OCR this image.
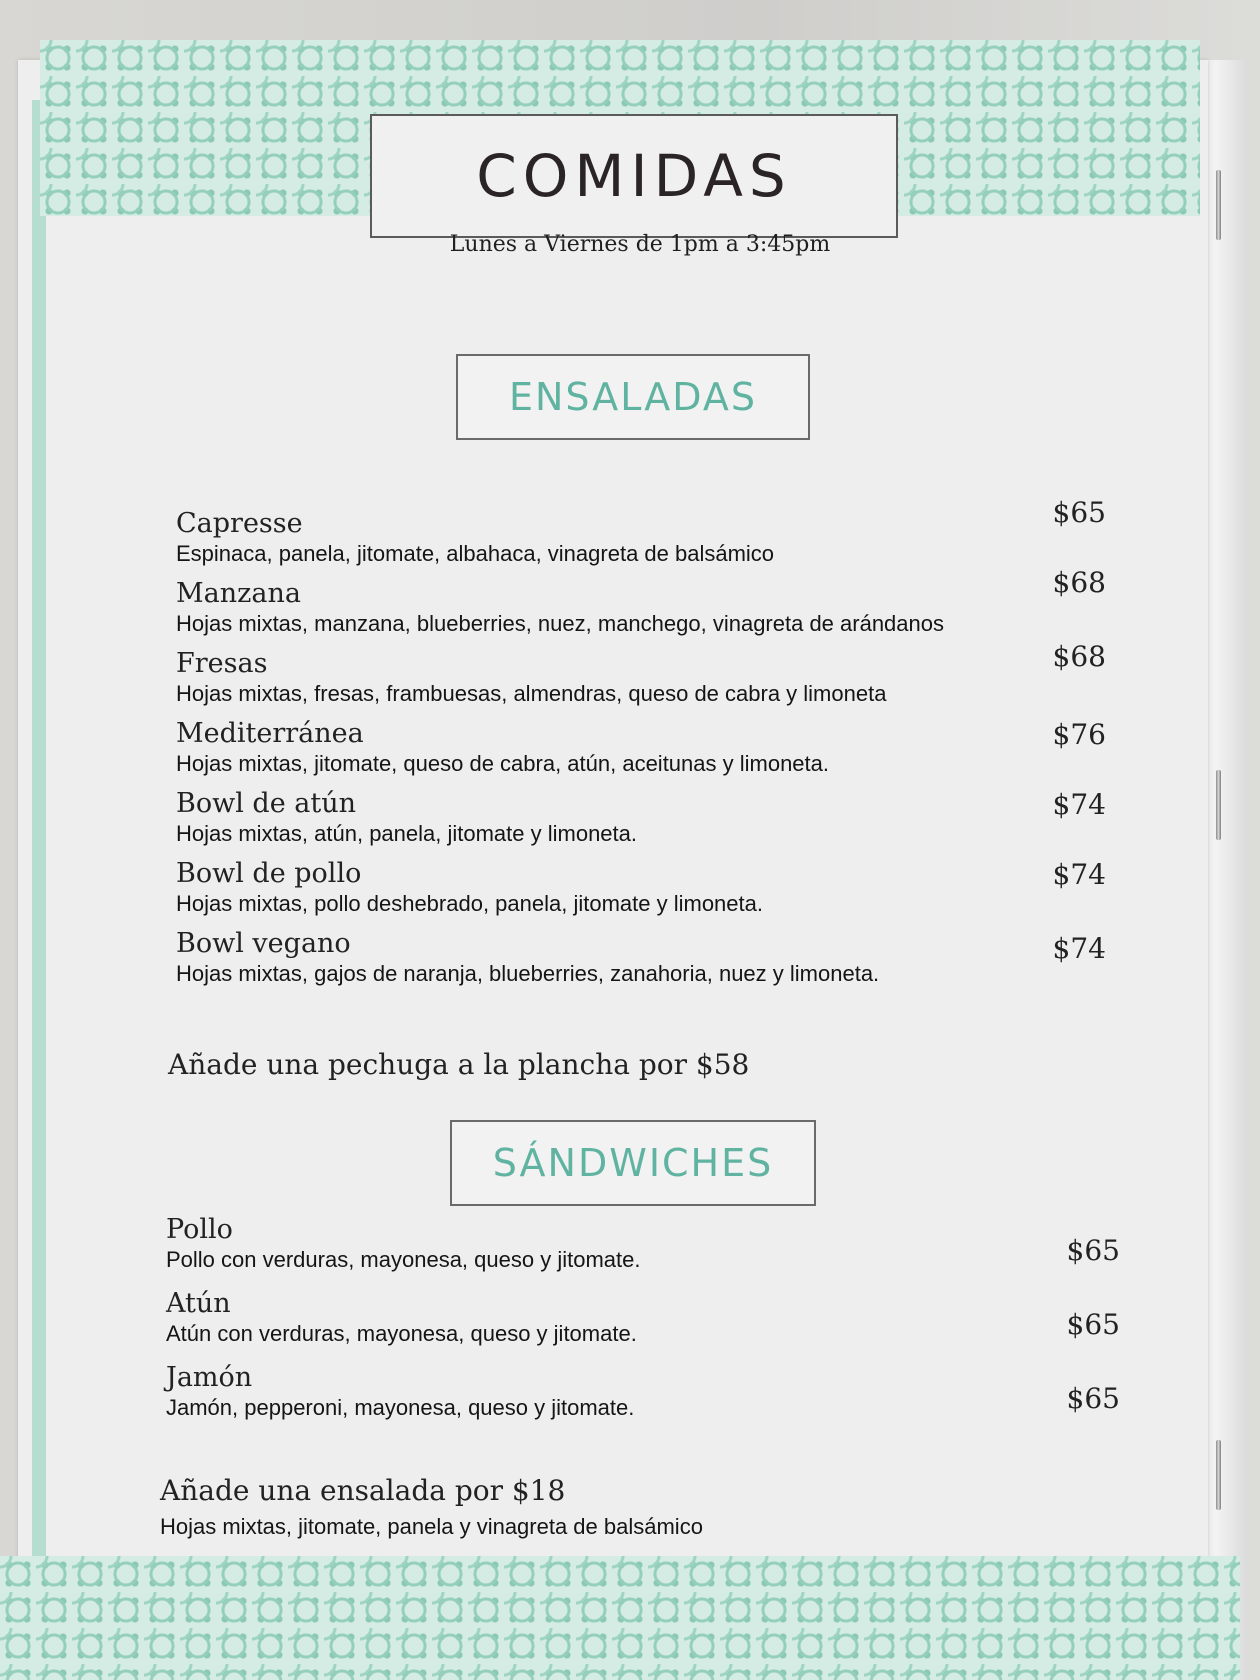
COMIDAS
Lunes a Viernes de 1pm a 3:45pm
ENSALADAS
Capresse
Espinaca, panela, jitomate, albahaca, vinagreta de balsámico
$65
Manzana
Hojas mixtas, manzana, blueberries, nuez, manchego, vinagreta de arándanos
$68
Fresas
Hojas mixtas, fresas, frambuesas, almendras, queso de cabra y limoneta
$68
Mediterránea
Hojas mixtas, jitomate, queso de cabra, atún, aceitunas y limoneta.
$76
Bowl de atún
Hojas mixtas, atún, panela, jitomate y limoneta.
$74
Bowl de pollo
Hojas mixtas, pollo deshebrado, panela, jitomate y limoneta.
$74
Bowl vegano
Hojas mixtas, gajos de naranja, blueberries, zanahoria, nuez y limoneta.
$74
Añade una pechuga a la plancha por $58
SÁNDWICHES
Pollo
Pollo con verduras, mayonesa, queso y jitomate.	$65
Atún
Atún con verduras, mayonesa, queso y jitomate.	$65
Jamón
Jamón, pepperoni, mayonesa, queso y jitomate.	$65
Añade una ensalada por $18
Hojas mixtas, jitomate, panela y vinagreta de balsámico
